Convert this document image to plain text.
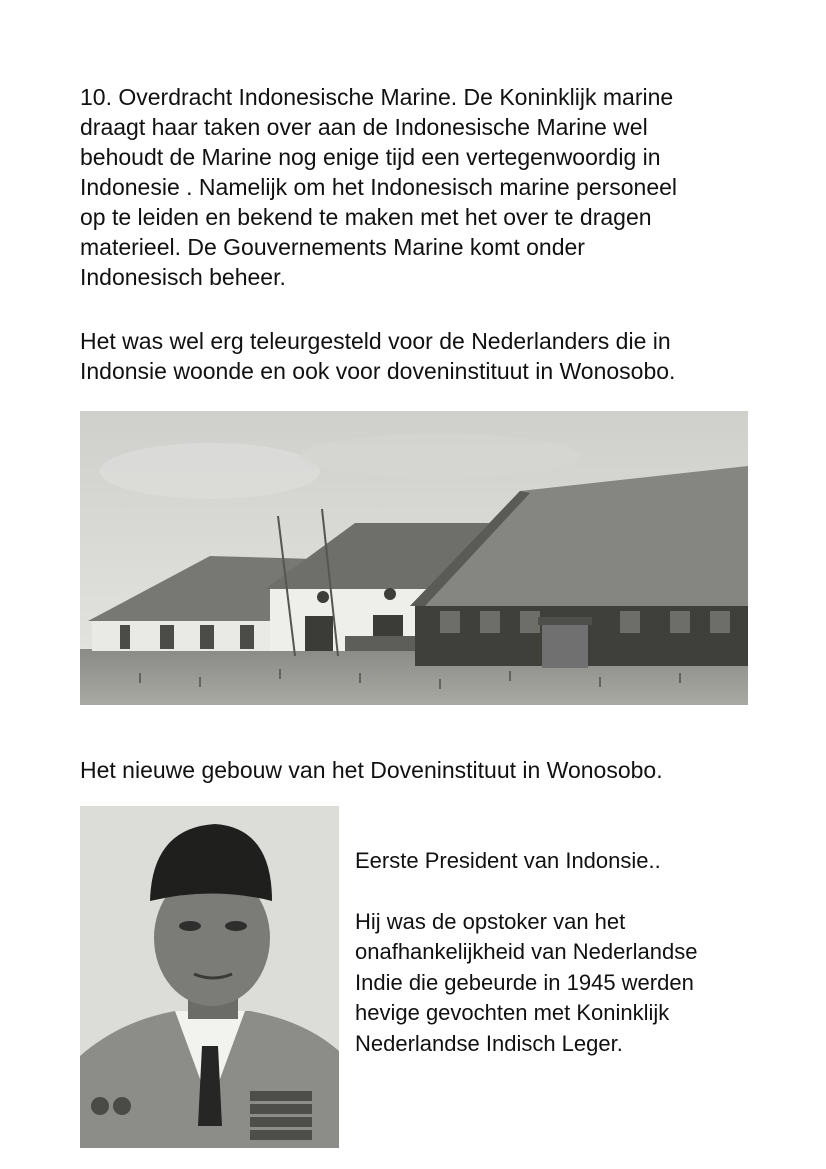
10. Overdracht Indonesische Marine. De Koninklijk marine
draagt haar taken over aan de Indonesische Marine wel
behoudt de Marine nog enige tijd een vertegenwoordig in
Indonesie . Namelijk om het Indonesisch marine personeel
op te leiden en bekend te maken met het over te dragen
materieel. De Gouvernements Marine komt onder
Indonesisch beheer.
Het was wel erg teleurgesteld voor de Nederlanders die in
Indonsie woonde en ook voor doveninstituut in Wonosobo.

Het nieuwe gebouw van het Doveninstituut in Wonosobo.

Eerste President van Indonsie..

Hij was de opstoker van het
onafhankelijkheid van Nederlandse
Indie die gebeurde in 1945 werden
hevige gevochten met Koninklijk
Nederlandse Indisch Leger.
